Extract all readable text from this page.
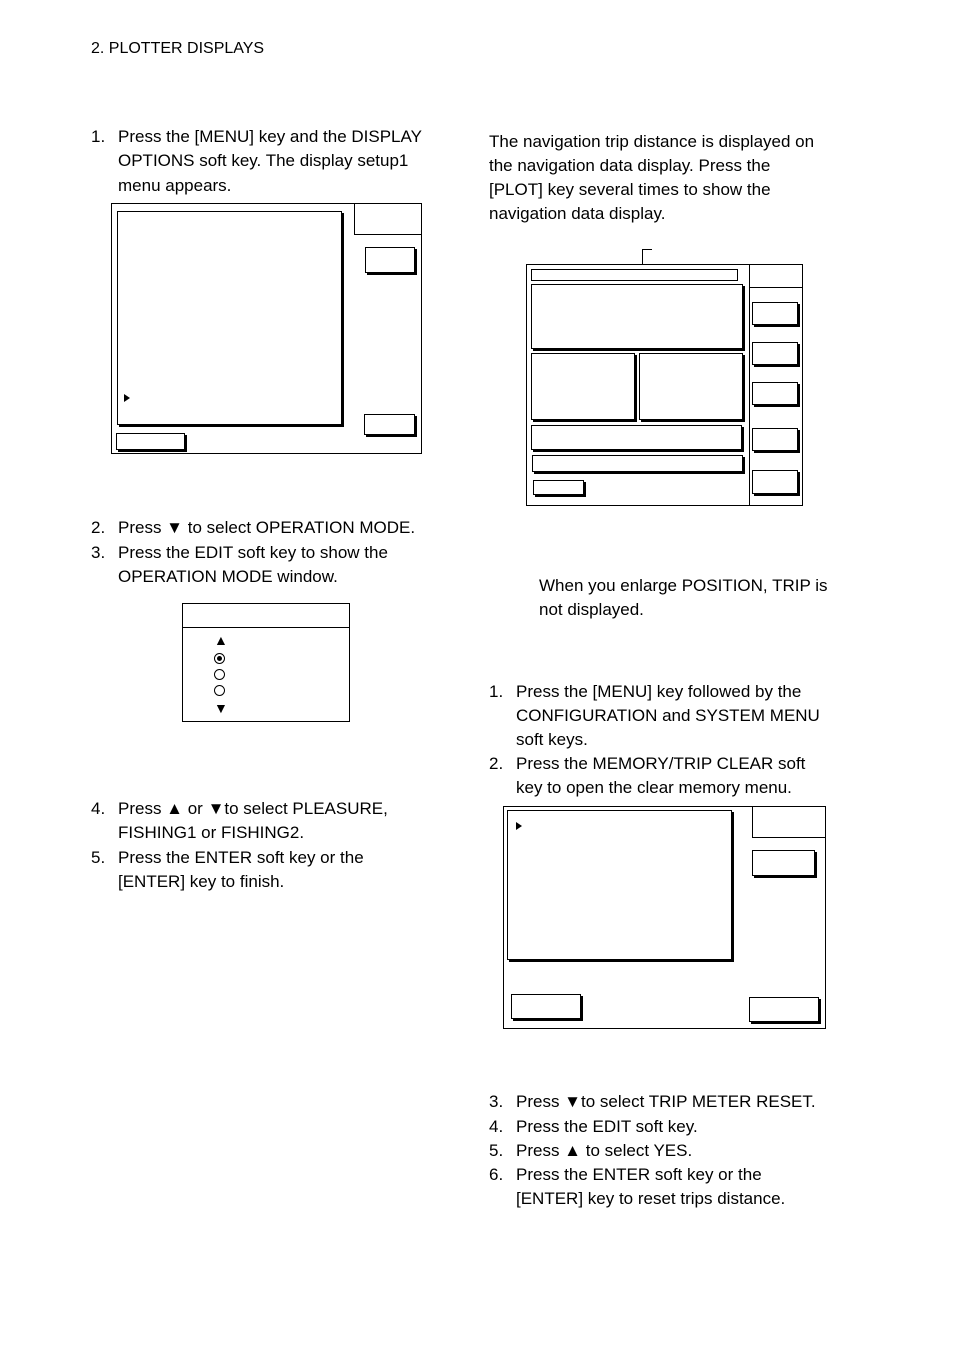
2. PLOTTER DISPLAYS
1. Press the [MENU] key and the DISPLAY
OPTIONS soft key. The display setup1
menu appears.
2. Press ▼ to select OPERATION MODE.
3. Press the EDIT soft key to show the
OPERATION MODE window.
▲
▼
4. Press ▲ or ▼to select PLEASURE,
FISHING1 or FISHING2.
5. Press the ENTER soft key or the
[ENTER] key to finish.
The navigation trip distance is displayed on
the navigation data display. Press the
[PLOT] key several times to show the
navigation data display.
When you enlarge POSITION, TRIP is
not displayed.
1. Press the [MENU] key followed by the
CONFIGURATION and SYSTEM MENU
soft keys.
2. Press the MEMORY/TRIP CLEAR soft
key to open the clear memory menu.
3. Press ▼to select TRIP METER RESET.
4. Press the EDIT soft key.
5. Press ▲ to select YES.
6. Press the ENTER soft key or the
[ENTER] key to reset trips distance.
